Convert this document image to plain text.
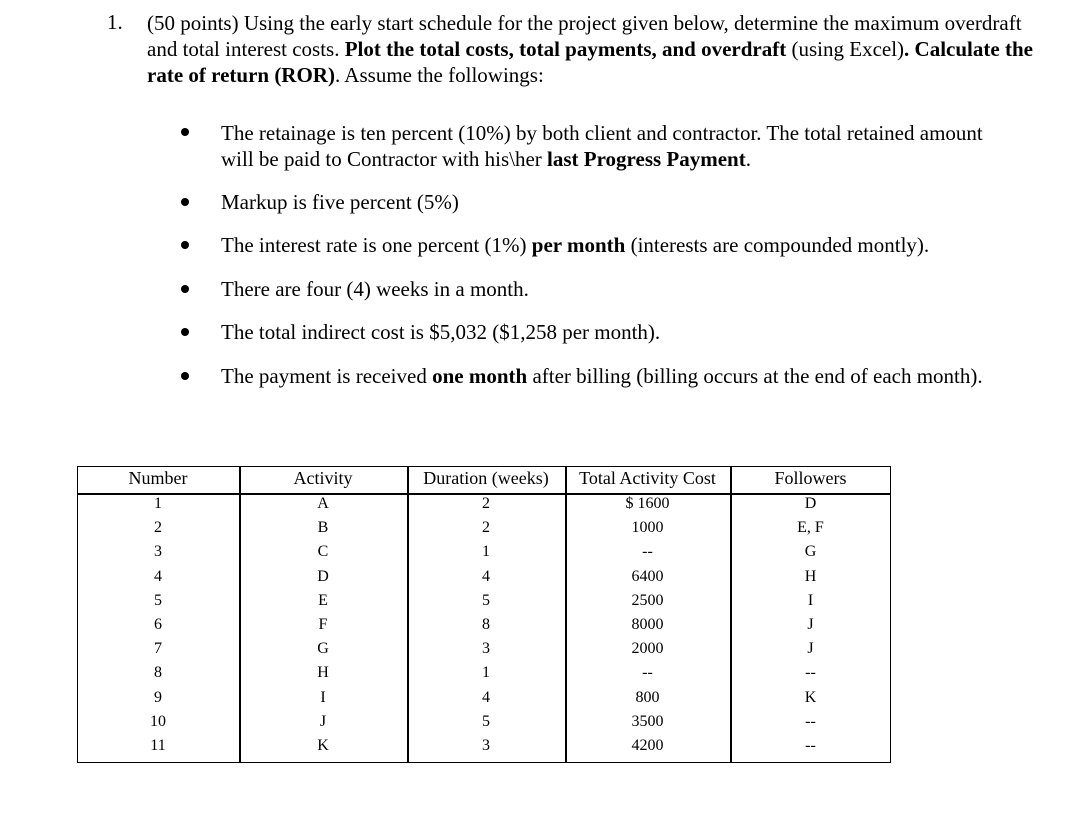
1. (50 points) Using the early start schedule for the project given below, determine the maximum overdraft and total interest costs. Plot the total costs, total payments, and overdraft (using Excel). Calculate the rate of return (ROR). Assume the followings:
The retainage is ten percent (10%) by both client and contractor. The total retained amount will be paid to Contractor with his\her last Progress Payment.
Markup is five percent (5%)
The interest rate is one percent (1%) per month (interests are compounded montly).
There are four (4) weeks in a month.
The total indirect cost is $5,032 ($1,258 per month).
The payment is received one month after billing (billing occurs at the end of each month).
Number	Activity	Duration (weeks)	Total Activity Cost	Followers
1	A	2	$ 1600	D
2	B	2	1000	E, F
3	C	1	--	G
4	D	4	6400	H
5	E	5	2500	I
6	F	8	8000	J
7	G	3	2000	J
8	H	1	--	--
9	I	4	800	K
10	J	5	3500	--
11	K	3	4200	--
